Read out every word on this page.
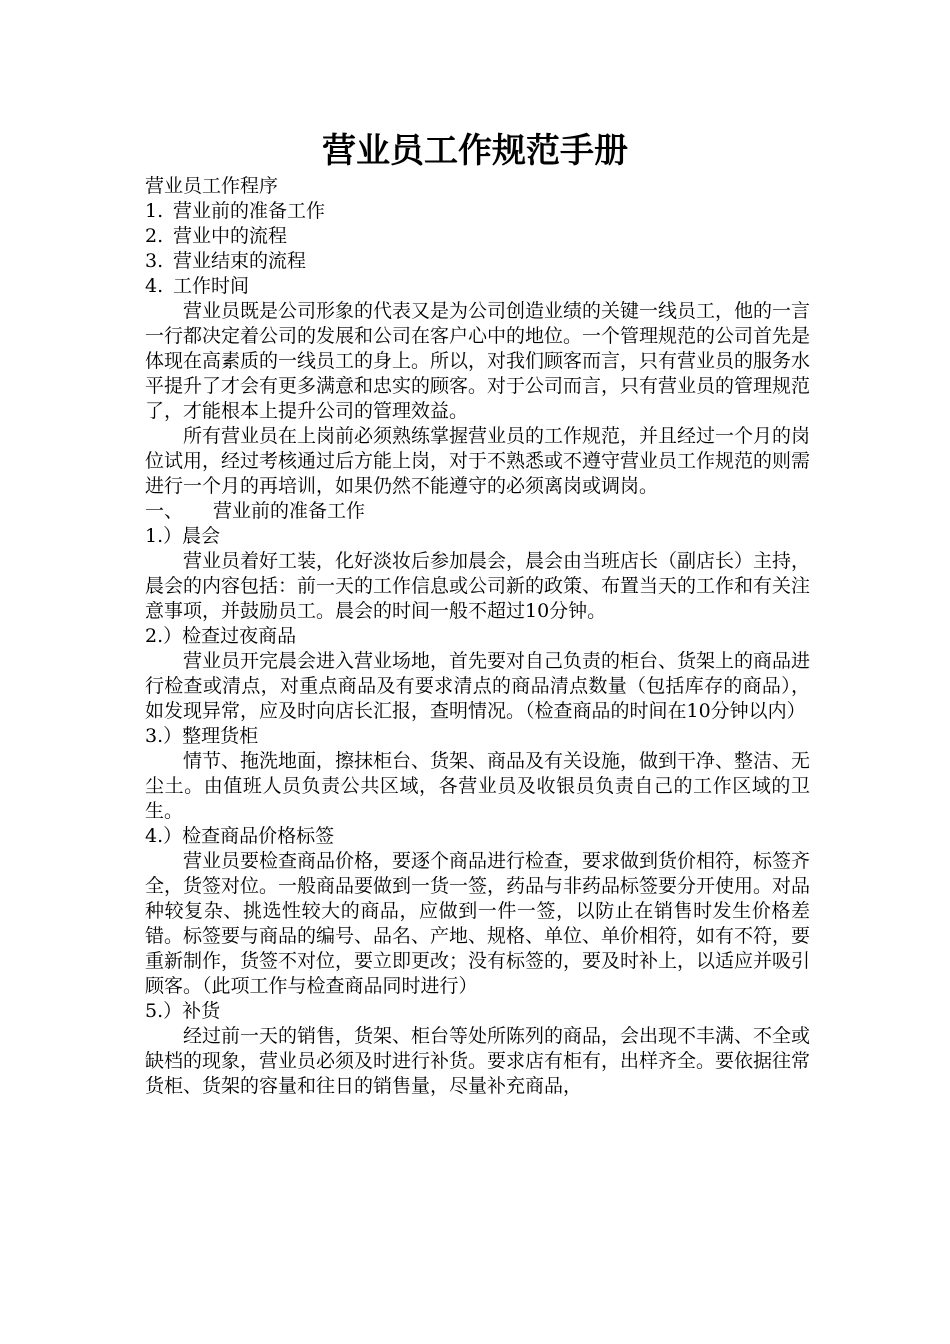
营业员工作规范手册
营业员工作程序
1. 营业前的准备工作
2. 营业中的流程
3. 营业结束的流程
4. 工作时间

营业员既是公司形象的代表又是为公司创造业绩的关键一线员工，他的一言一行都决定着公司的发展和公司在客户心中的地位。一个管理规范的公司首先是体现在高素质的一线员工的身上。所以，对我们顾客而言，只有营业员的服务水平提升了才会有更多满意和忠实的顾客。对于公司而言，只有营业员的管理规范了，才能根本上提升公司的管理效益。

所有营业员在上岗前必须熟练掌握营业员的工作规范，并且经过一个月的岗位试用，经过考核通过后方能上岗，对于不熟悉或不遵守营业员工作规范的则需进行一个月的再培训，如果仍然不能遵守的必须离岗或调岗。

一、 营业前的准备工作
1.）晨会

营业员着好工装，化好淡妆后参加晨会，晨会由当班店长（副店长）主持，晨会的内容包括：前一天的工作信息或公司新的政策、布置当天的工作和有关注意事项，并鼓励员工。晨会的时间一般不超过10分钟。

2.）检查过夜商品

营业员开完晨会进入营业场地，首先要对自己负责的柜台、货架上的商品进行检查或清点，对重点商品及有要求清点的商品清点数量（包括库存的商品），如发现异常，应及时向店长汇报，查明情况。（检查商品的时间在10分钟以内）

3.）整理货柜

情节、拖洗地面，擦抹柜台、货架、商品及有关设施，做到干净、整洁、无尘土。由值班人员负责公共区域，各营业员及收银员负责自己的工作区域的卫生。

4.）检查商品价格标签

营业员要检查商品价格，要逐个商品进行检查，要求做到货价相符，标签齐全，货签对位。一般商品要做到一货一签，药品与非药品标签要分开使用。对品种较复杂、挑选性较大的商品，应做到一件一签，以防止在销售时发生价格差错。标签要与商品的编号、品名、产地、规格、单位、单价相符，如有不符，要重新制作，货签不对位，要立即更改；没有标签的，要及时补上，以适应并吸引顾客。（此项工作与检查商品同时进行）

5.）补货

经过前一天的销售，货架、柜台等处所陈列的商品，会出现不丰满、不全或缺档的现象，营业员必须及时进行补货。要求店有柜有，出样齐全。要依据往常货柜、货架的容量和往日的销售量，尽量补充商品，
